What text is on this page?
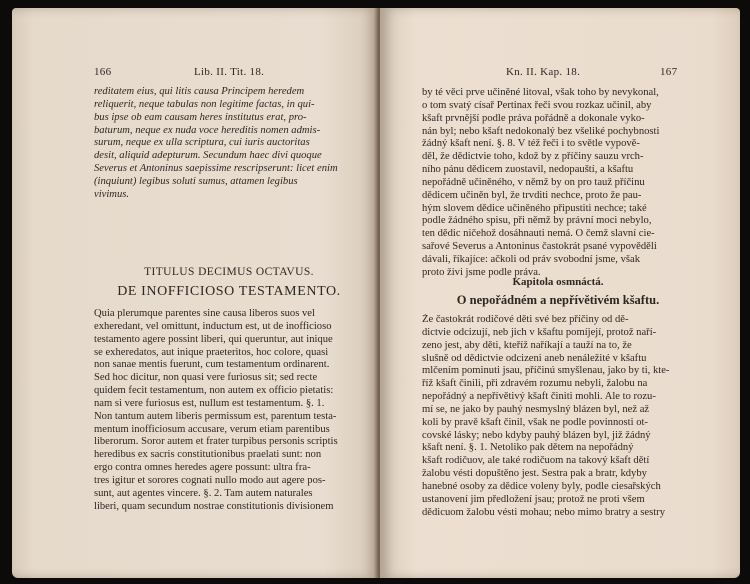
166	Lib. II. Tit. 18.
reditatem eius, qui litis causa Principem heredem
reliquerit, neque tabulas non legitime factas, in qui-
bus ipse ob eam causam heres institutus erat, pro-
baturum, neque ex nuda voce hereditis nomen admis-
surum, neque ex ulla scriptura, cui iuris auctoritas
desit, aliquid adepturum. Secundum haec divi quoque
Severus et Antoninus saepissime rescripserunt: licet enim
(inquiunt) legibus soluti sumus, attamen legibus
vivimus.
TITULUS DECIMUS OCTAVUS.
DE INOFFICIOSO TESTAMENTO.
Quia plerumque parentes sine causa liberos suos vel
exheredant, vel omittunt, inductum est, ut de inofficioso
testamento agere possint liberi, qui queruntur, aut inique
se exheredatos, aut inique praeteritos, hoc colore, quasi
non sanae mentis fuerunt, cum testamentum ordinarent.
Sed hoc dicitur, non quasi vere furiosus sit; sed recte
quidem fecit testamentum, non autem ex officio pietatis:
nam si vere furiosus est, nullum est testamentum. §. 1.
Non tantum autem liberis permissum est, parentum testa-
mentum inofficiosum accusare, verum etiam parentibus
liberorum. Soror autem et frater turpibus personis scriptis
heredibus ex sacris constitutionibus praelati sunt: non
ergo contra omnes heredes agere possunt: ultra fra-
tres igitur et sorores cognati nullo modo aut agere pos-
sunt, aut agentes vincere. §. 2. Tam autem naturales
liberi, quam secundum nostrae constitutionis divisionem
Kn. II. Kap. 18.	167
by té věci prve učiněné litoval, však toho by nevykonal,
o tom svatý císař Pertinax řeči svou rozkaz učinil, aby
kšaft prvnější podle práva pořádně a dokonale vyko-
nán byl; nebo kšaft nedokonalý bez všeliké pochybnosti
žádný kšaft není. §. 8. V též řeči i to světle vypově-
děl, že dědictvie toho, kdož by z příčiny sauzu vrch-
ního pánu dědicem zuostavil, nedopauští, a kšaftu
nepořádně učiněného, v němž by on pro tauž příčinu
dědicem učiněn byl, že trvditi nechce, proto že pau-
hým slovem dědice učiněného připustiti nechce; také
podle žádného spisu, při němž by právní moci nebylo,
ten dědic ničehož dosáhnauti nemá. O čemž slavní cie-
sařové Severus a Antoninus častokrát psané vypověděli
dávali, říkajíce: ačkoli od práv svobodní jsme, však
proto živi jsme podle práva.
Kapitola osmnáctá.
O nepořádném a nepřívětivém kšaftu.
Že častokrát rodičové děti své bez příčiny od dě-
dictvie odcizují, neb jich v kšaftu pomíjejí, protož naří-
zeno jest, aby děti, kteříž naříkají a tauží na to, že
slušně od dědictvie odcizeni aneb nenáležité v kšaftu
mlčením pominuti jsau, příčinú smyšlenau, jako by ti, kte-
říž kšaft činili, při zdravém rozumu nebyli, žalobu na
nepořádný a nepřívětivý kšaft činiti mohli. Ale to rozu-
mí se, ne jako by pauhý nesmyslný blázen byl, než až
koli by pravě kšaft činil, však ne podle povinnosti ot-
covské lásky; nebo kdyby pauhý blázen byl, již žádný
kšaft není. §. 1. Netoliko pak dětem na nepořádný
kšaft rodičuov, ale také rodičuom na takový kšaft dětí
žalobu vésti dopuštěno jest. Sestra pak a bratr, kdyby
hanebné osoby za dědice voleny byly, podle ciesařských
ustanovení jim předložení jsau; protož ne proti všem
dědicuom žalobu vésti mohau; nebo mimo bratry a sestry
